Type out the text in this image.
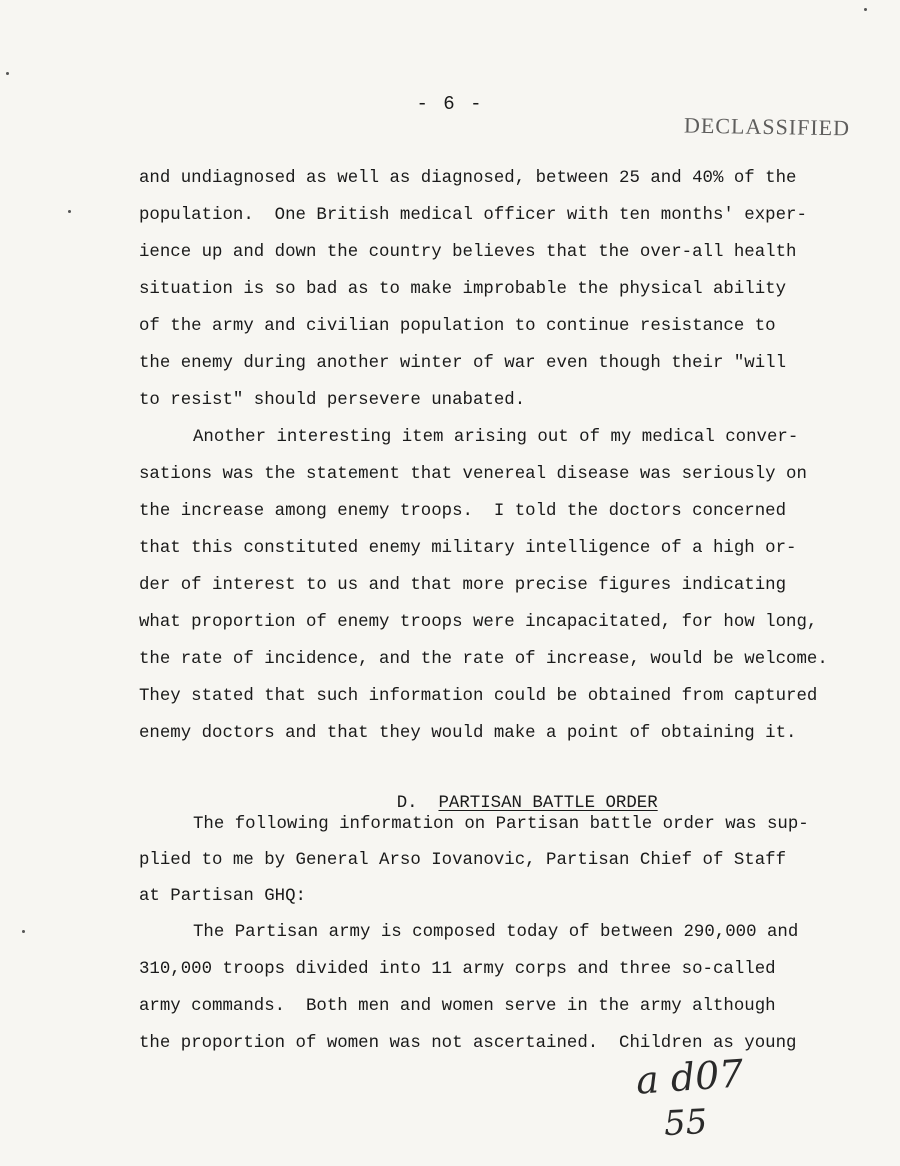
- 6 -
DECLASSIFIED
and undiagnosed as well as diagnosed, between 25 and 40% of the
population.  One British medical officer with ten months' exper-
ience up and down the country believes that the over-all health
situation is so bad as to make improbable the physical ability
of the army and civilian population to continue resistance to
the enemy during another winter of war even though their "will
to resist" should persevere unabated.
Another interesting item arising out of my medical conver-
sations was the statement that venereal disease was seriously on
the increase among enemy troops.  I told the doctors concerned
that this constituted enemy military intelligence of a high or-
der of interest to us and that more precise figures indicating
what proportion of enemy troops were incapacitated, for how long,
the rate of incidence, and the rate of increase, would be welcome.
They stated that such information could be obtained from captured
enemy doctors and that they would make a point of obtaining it.

D. PARTISAN BATTLE ORDER

The following information on Partisan battle order was sup-
plied to me by General Arso Iovanovic, Partisan Chief of Staff
at Partisan GHQ:
The Partisan army is composed today of between 290,000 and
310,000 troops divided into 11 army corps and three so-called
army commands.  Both men and women serve in the army although
the proportion of women was not ascertained.  Children as young
a d07
55
